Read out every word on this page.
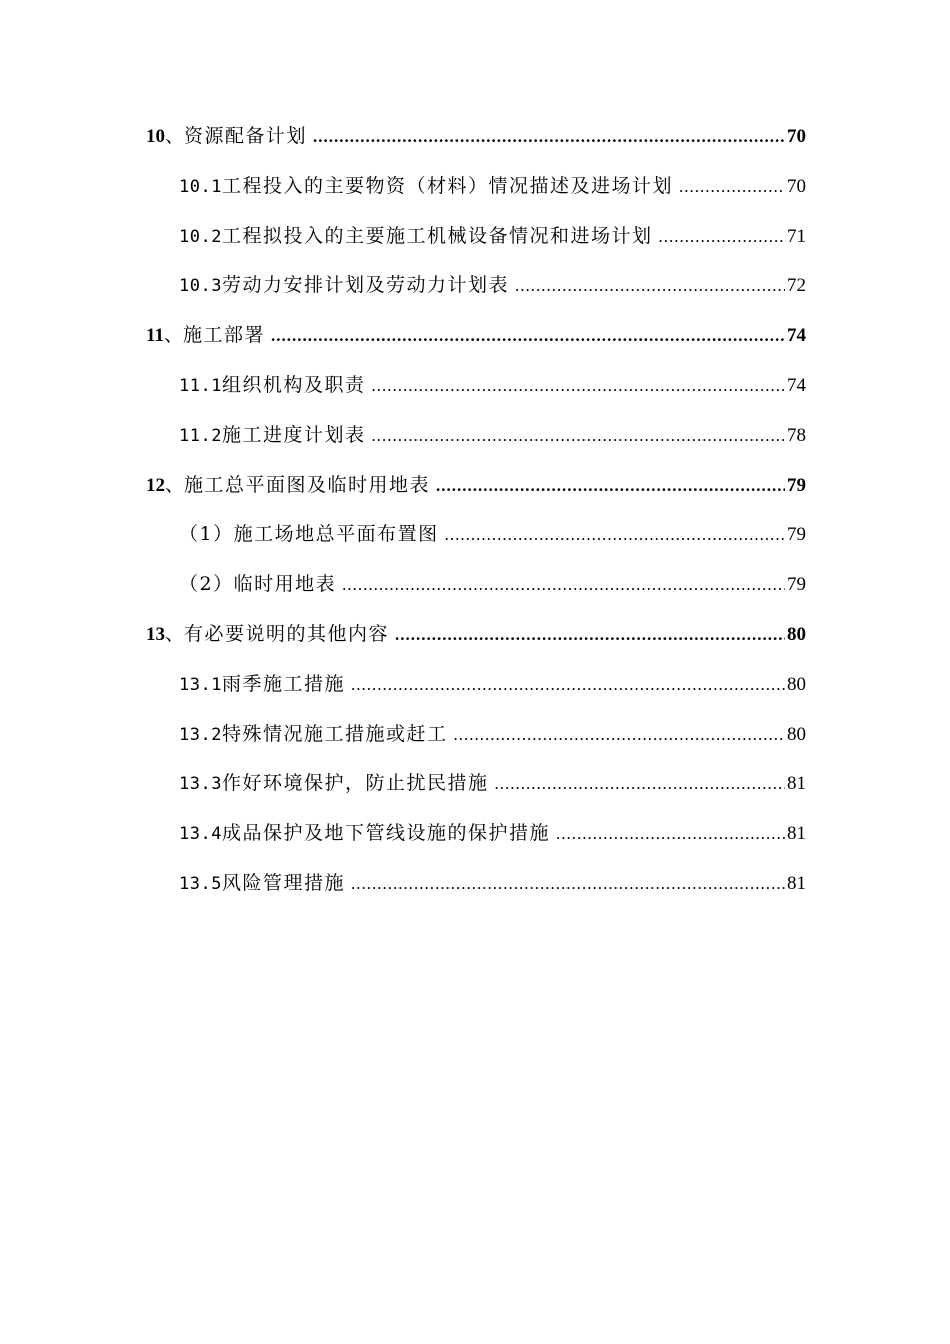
10 、 资源配备计划 .....	70
10.1 工程投入的主要物资（材料）情况描述及进场计划 .....	70
10.2 工程拟投入的主要施工机械设备情况和进场计划 .....	71
10.3 劳动力安排计划及劳动力计划表 .....	72
11 、 施工部署 .....	74
11.1 组织机构及职责 .....	74
11.2 施工进度计划表 .....	78
12 、 施工总平面图及临时用地表 .....	79
（1）施工场地总平面布置图 .....	79
（2）临时用地表 .....	79
13 、 有必要说明的其他内容 .....	80
13.1 雨季施工措施 .....	80
13.2 特殊情况施工措施或赶工 .....	80
13.3 作好环境保护，防止扰民措施 .....	81
13.4 成品保护及地下管线设施的保护措施 .....	81
13.5 风险管理措施 .....	81
